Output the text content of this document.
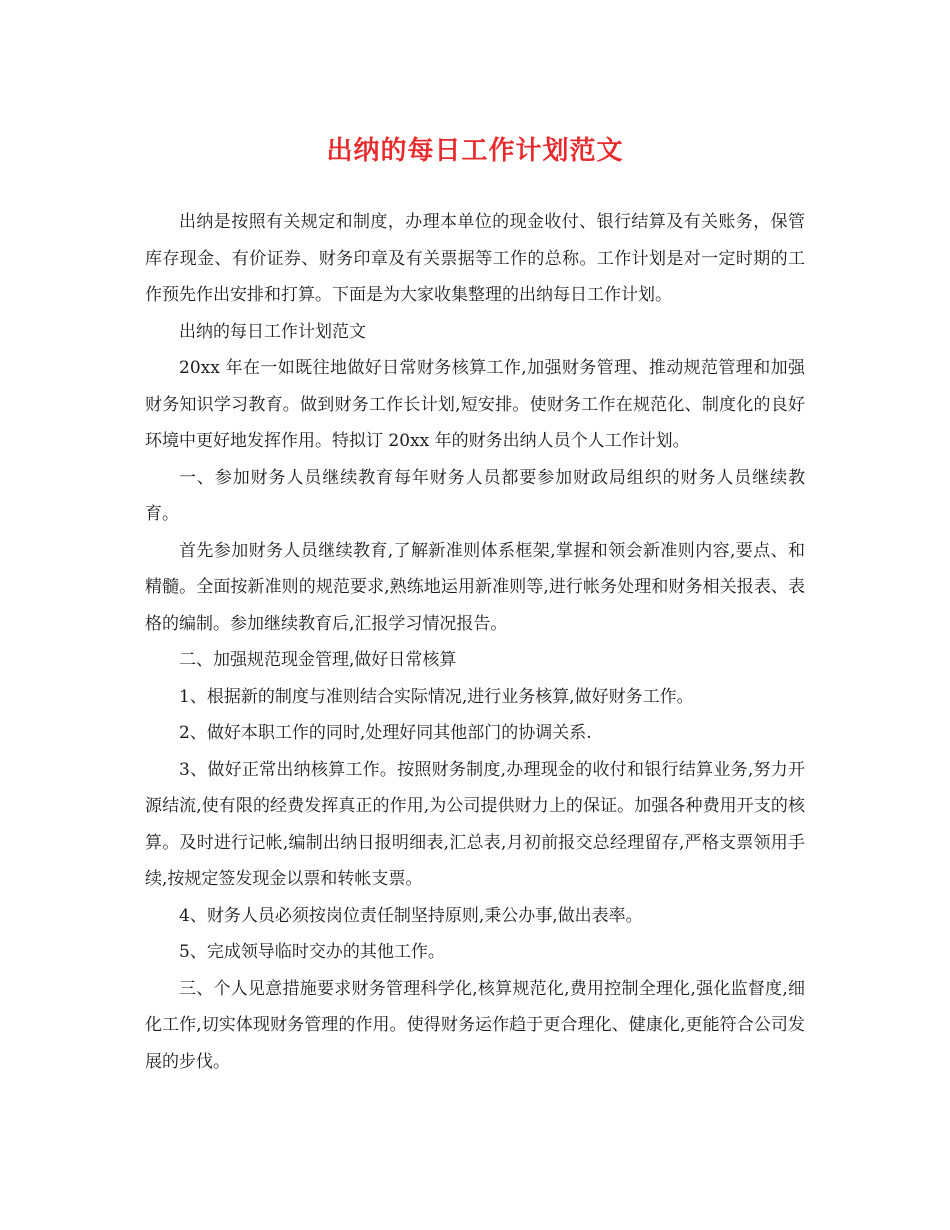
出纳的每日工作计划范文

出纳是按照有关规定和制度，办理本单位的现金收付、银行结算及有关账务，保管库存现金、有价证券、财务印章及有关票据等工作的总称。工作计划是对一定时期的工作预先作出安排和打算。下面是为大家收集整理的出纳每日工作计划。

出纳的每日工作计划范文

20xx 年在一如既往地做好日常财务核算工作,加强财务管理、推动规范管理和加强财务知识学习教育。做到财务工作长计划,短安排。使财务工作在规范化、制度化的良好环境中更好地发挥作用。特拟订 20xx 年的财务出纳人员个人工作计划。

一、参加财务人员继续教育每年财务人员都要参加财政局组织的财务人员继续教育。

首先参加财务人员继续教育,了解新准则体系框架,掌握和领会新准则内容,要点、和精髓。全面按新准则的规范要求,熟练地运用新准则等,进行帐务处理和财务相关报表、表格的编制。参加继续教育后,汇报学习情况报告。

二、加强规范现金管理,做好日常核算

1、根据新的制度与准则结合实际情况,进行业务核算,做好财务工作。

2、做好本职工作的同时,处理好同其他部门的协调关系.

3、做好正常出纳核算工作。按照财务制度,办理现金的收付和银行结算业务,努力开源结流,使有限的经费发挥真正的作用,为公司提供财力上的保证。加强各种费用开支的核算。及时进行记帐,编制出纳日报明细表,汇总表,月初前报交总经理留存,严格支票领用手续,按规定签发现金以票和转帐支票。

4、财务人员必须按岗位责任制坚持原则,秉公办事,做出表率。

5、完成领导临时交办的其他工作。

三、个人见意措施要求财务管理科学化,核算规范化,费用控制全理化,强化监督度,细化工作,切实体现财务管理的作用。使得财务运作趋于更合理化、健康化,更能符合公司发展的步伐。
